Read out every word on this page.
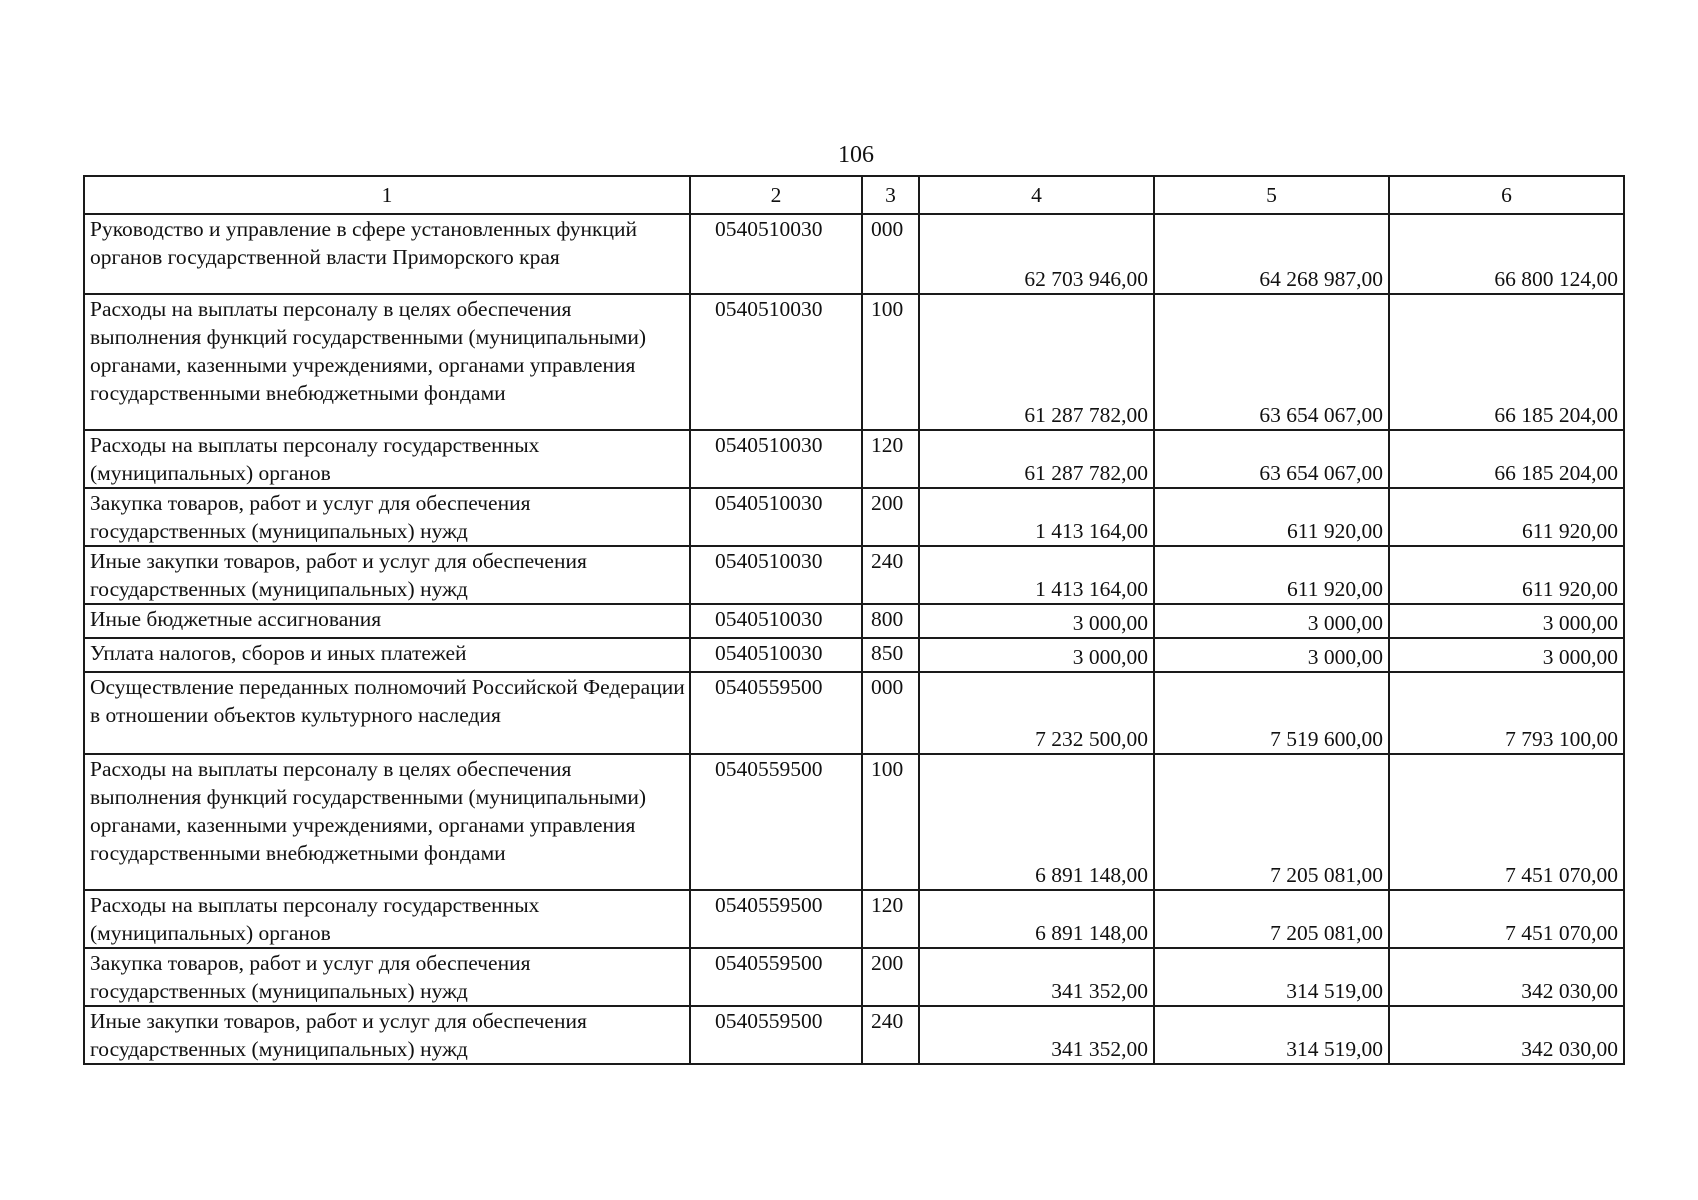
106
1	2	3	4	5	6
Руководство и управление в сфере установленных функций органов государственной власти Приморского края	0540510030	000	62 703 946,00	64 268 987,00	66 800 124,00
Расходы на выплаты персоналу в целях обеспечения выполнения функций государственными (муниципальными) органами, казенными учреждениями, органами управления государственными внебюджетными фондами	0540510030	100	61 287 782,00	63 654 067,00	66 185 204,00
Расходы на выплаты персоналу государственных (муниципальных) органов	0540510030	120	61 287 782,00	63 654 067,00	66 185 204,00
Закупка товаров, работ и услуг для обеспечения государственных (муниципальных) нужд	0540510030	200	1 413 164,00	611 920,00	611 920,00
Иные закупки товаров, работ и услуг для обеспечения государственных (муниципальных) нужд	0540510030	240	1 413 164,00	611 920,00	611 920,00
Иные бюджетные ассигнования	0540510030	800	3 000,00	3 000,00	3 000,00
Уплата налогов, сборов и иных платежей	0540510030	850	3 000,00	3 000,00	3 000,00
Осуществление переданных полномочий Российской Федерации в отношении объектов культурного наследия	0540559500	000	7 232 500,00	7 519 600,00	7 793 100,00
Расходы на выплаты персоналу в целях обеспечения выполнения функций государственными (муниципальными) органами, казенными учреждениями, органами управления государственными внебюджетными фондами	0540559500	100	6 891 148,00	7 205 081,00	7 451 070,00
Расходы на выплаты персоналу государственных (муниципальных) органов	0540559500	120	6 891 148,00	7 205 081,00	7 451 070,00
Закупка товаров, работ и услуг для обеспечения государственных (муниципальных) нужд	0540559500	200	341 352,00	314 519,00	342 030,00
Иные закупки товаров, работ и услуг для обеспечения государственных (муниципальных) нужд	0540559500	240	341 352,00	314 519,00	342 030,00
